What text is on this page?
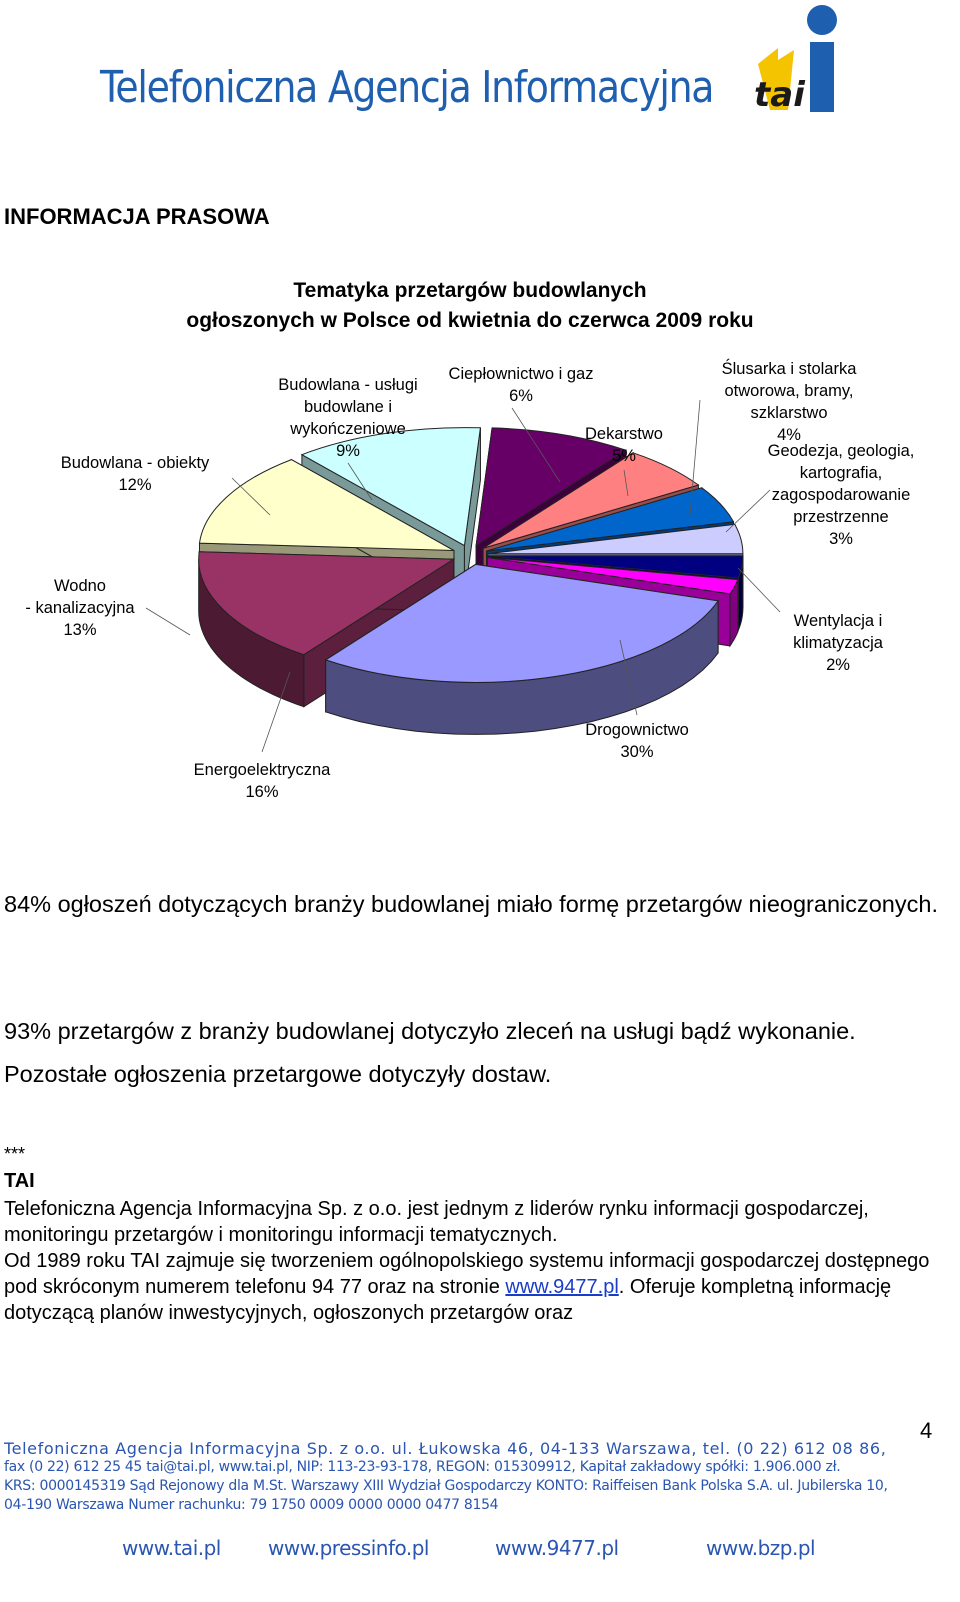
Telefoniczna Agencja Informacyjna tai
INFORMACJA PRASOWA
Tematyka przetargów budowlanych
ogłoszonych w Polsce od kwietnia do czerwca 2009 roku
Drogownictwo
30%
Energoelektryczna
16%
Wodno
- kanalizacyjna
13%
Budowlana - obiekty
12%
Budowlana - usługi
budowlane i
wykończeniowe
9%
Ciepłownictwo i gaz
6%
Dekarstwo
5%
Ślusarka i stolarka
otworowa, bramy,
szklarstwo
4%
Geodezja, geologia,
kartografia,
zagospodarowanie
przestrzenne
3%
Wentylacja i
klimatyzacja
2%
84% ogłoszeń dotyczących branży budowlanej miało formę przetargów nieograniczonych.
93% przetargów z branży budowlanej dotyczyło zleceń na usługi bądź wykonanie. Pozostałe ogłoszenia przetargowe dotyczyły dostaw.
***
TAI
Telefoniczna Agencja Informacyjna Sp. z o.o. jest jednym z liderów rynku informacji gospodarczej, monitoringu przetargów i monitoringu informacji tematycznych.
Od 1989 roku TAI zajmuje się tworzeniem ogólnopolskiego systemu informacji gospodarczej dostępnego pod skróconym numerem telefonu 94 77 oraz na stronie www.9477.pl. Oferuje kompletną informację dotyczącą planów inwestycyjnych, ogłoszonych przetargów oraz
4
Telefoniczna Agencja Informacyjna Sp. z o.o. ul. Łukowska 46, 04-133 Warszawa, tel. (0 22) 612 08 86,
fax (0 22) 612 25 45 tai@tai.pl, www.tai.pl, NIP: 113-23-93-178, REGON: 015309912, Kapitał zakładowy spółki: 1.906.000 zł.
KRS: 0000145319 Sąd Rejonowy dla M.St. Warszawy XIII Wydział Gospodarczy KONTO: Raiffeisen Bank Polska S.A. ul. Jubilerska 10,
04-190 Warszawa Numer rachunku: 79 1750 0009 0000 0000 0477 8154
www.tai.pl www.pressinfo.pl	www.9477.pl	www.bzp.pl
